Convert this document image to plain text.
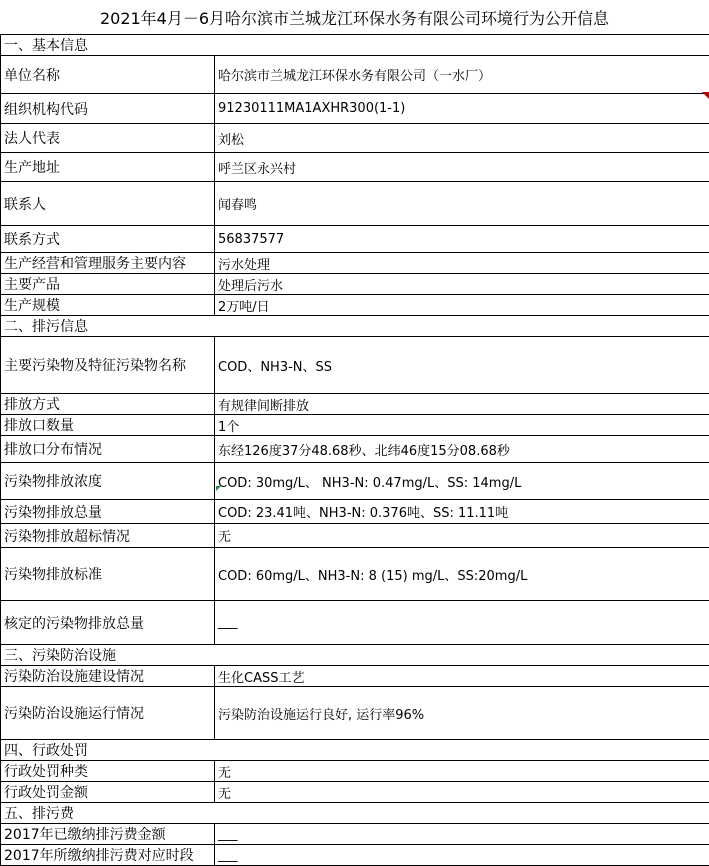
2021年4月－6月哈尔滨市兰城龙江环保水务有限公司环境行为公开信息
一、基本信息	
单位名称	哈尔滨市兰城龙江环保水务有限公司（一水厂）
组织机构代码	91230111MA1AXHR300(1-1)
法人代表	刘松
生产地址	呼兰区永兴村
联系人	闻春鸣
联系方式	56837577
生产经营和管理服务主要内容	污水处理
主要产品	处理后污水
生产规模	2万吨/日
二、排污信息	
主要污染物及特征污染物名称	COD、NH3-N、SS
排放方式	有规律间断排放
排放口数量	1个
排放口分布情况	东经126度37分48.68秒、北纬46度15分08.68秒
污染物排放浓度	COD: 30mg/L、 NH3-N: 0.47mg/L、SS: 14mg/L
污染物排放总量	COD: 23.41吨、NH3-N: 0.376吨、SS: 11.11吨
污染物排放超标情况	无
污染物排放标准	COD: 60mg/L、NH3-N: 8 (15) mg/L、SS:20mg/L
核定的污染物排放总量	___
三、污染防治设施	
污染防治设施建设情况	生化CASS工艺
污染防治设施运行情况	污染防治设施运行良好, 运行率96%
四、行政处罚	
行政处罚种类	无
行政处罚金额	无
五、排污费	
2017年已缴纳排污费金额	___
2017年所缴纳排污费对应时段	___
